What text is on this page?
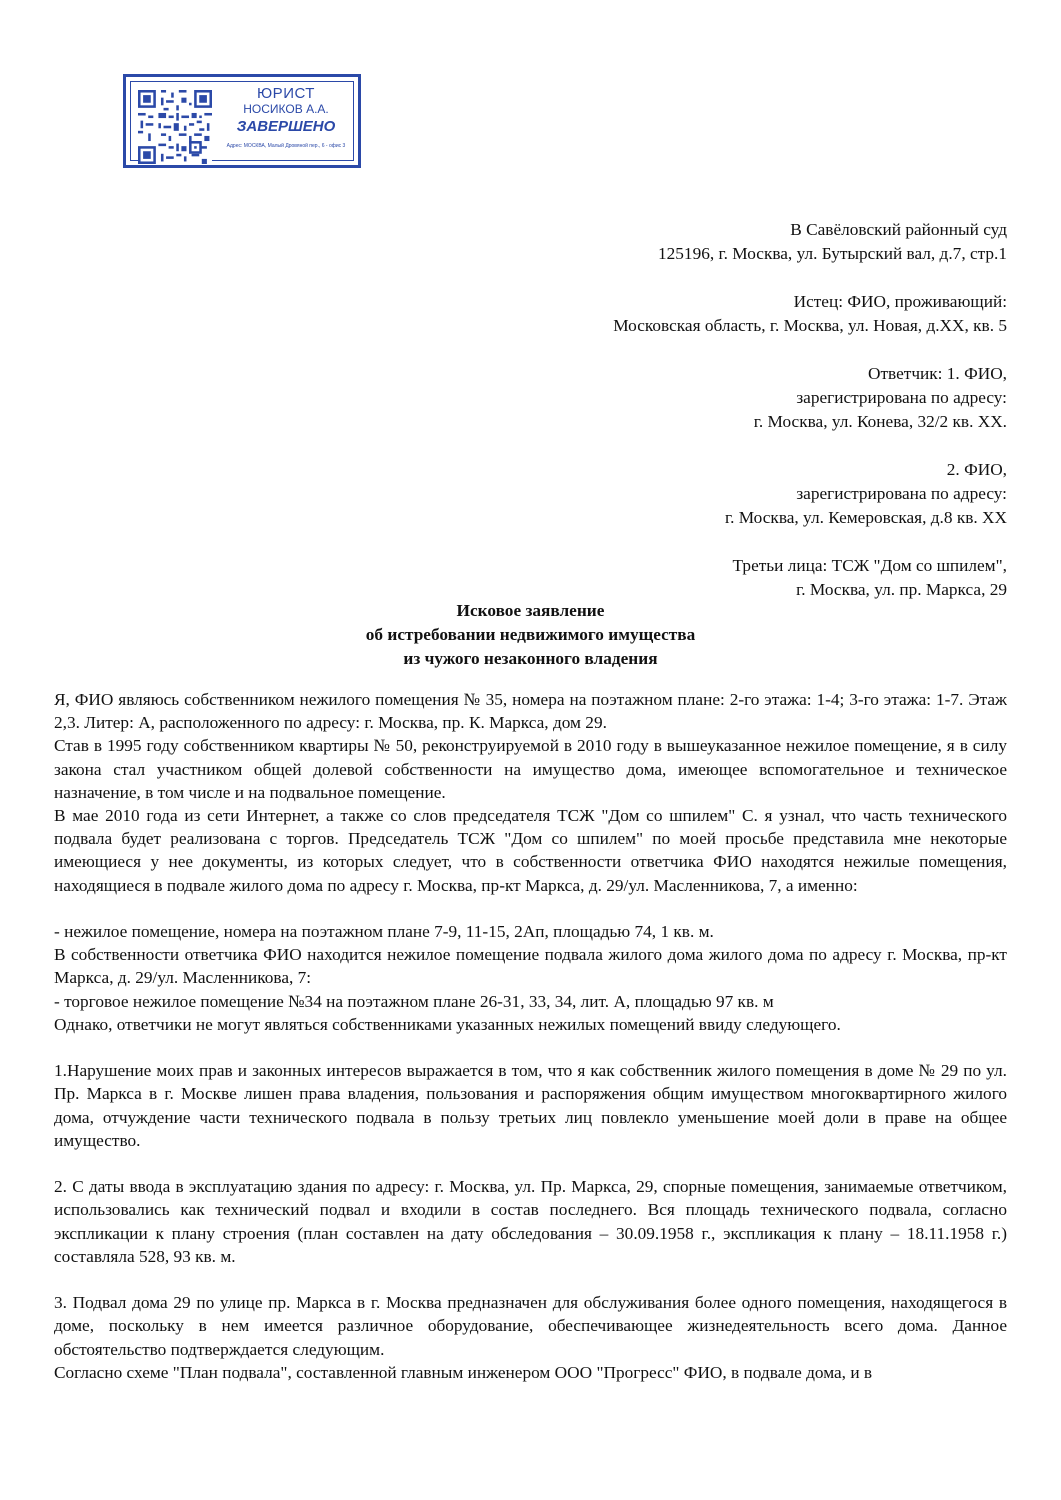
ЮРИСТ
НОСИКОВ А.А.
ЗАВЕРШЕНО
Адрес: МОСКВА, Малый Дровяной пер., 6 - офис 3

В Савёловский районный суд
125196, г. Москва, ул. Бутырский вал, д.7, стр.1

Истец: ФИО, проживающий:
Московская область, г. Москва, ул. Новая, д.XX, кв. 5

Ответчик: 1. ФИО,
зарегистрирована по адресу:
г. Москва, ул. Конева, 32/2 кв. XX.

2. ФИО,
зарегистрирована по адресу:
г. Москва, ул. Кемеровская, д.8 кв. XX

Третьи лица: ТСЖ "Дом со шпилем",
г. Москва, ул. пр. Маркса, 29

Исковое заявление
об истребовании недвижимого имущества
из чужого незаконного владения

Я, ФИО являюсь собственником нежилого помещения № 35, номера на поэтажном плане: 2-го этажа: 1-4; 3-го этажа: 1-7. Этаж 2,3. Литер: А, расположенного по адресу: г. Москва, пр. К. Маркса, дом 29.

Став в 1995 году собственником квартиры № 50, реконструируемой в 2010 году в вышеуказанное нежилое помещение, я в силу закона стал участником общей долевой собственности на имущество дома, имеющее вспомогательное и техническое назначение, в том числе и на подвальное помещение.

В мае 2010 года из сети Интернет, а также со слов председателя ТСЖ "Дом со шпилем" С. я узнал, что часть технического подвала будет реализована с торгов. Председатель ТСЖ "Дом со шпилем" по моей просьбе представила мне некоторые имеющиеся у нее документы, из которых следует, что в собственности ответчика ФИО находятся нежилые помещения, находящиеся в подвале жилого дома по адресу г. Москва, пр-кт Маркса, д. 29/ул. Масленникова, 7, а именно:

- нежилое помещение, номера на поэтажном плане 7-9, 11-15, 2Ап, площадью 74, 1 кв. м.

В собственности ответчика ФИО находится нежилое помещение подвала жилого дома жилого дома по адресу г. Москва, пр-кт Маркса, д. 29/ул. Масленникова, 7:

- торговое нежилое помещение №34 на поэтажном плане 26-31, 33, 34, лит. А, площадью 97 кв. м

Однако, ответчики не могут являться собственниками указанных нежилых помещений ввиду следующего.

1.Нарушение моих прав и законных интересов выражается в том, что я как собственник жилого помещения в доме № 29 по ул. Пр. Маркса в г. Москве лишен права владения, пользования и распоряжения общим имуществом многоквартирного жилого дома, отчуждение части технического подвала в пользу третьих лиц повлекло уменьшение моей доли в праве на общее имущество.

2. С даты ввода в эксплуатацию здания по адресу: г. Москва, ул. Пр. Маркса, 29, спорные помещения, занимаемые ответчиком, использовались как технический подвал и входили в состав последнего. Вся площадь технического подвала, согласно экспликации к плану строения (план составлен на дату обследования – 30.09.1958 г., экспликация к плану – 18.11.1958 г.) составляла 528, 93 кв. м.

3. Подвал дома 29 по улице пр. Маркса в г. Москва предназначен для обслуживания более одного помещения, находящегося в доме, поскольку в нем имеется различное оборудование, обеспечивающее жизнедеятельность всего дома. Данное обстоятельство подтверждается следующим.

Согласно схеме "План подвала", составленной главным инженером ООО "Прогресс" ФИО, в подвале дома, и в
